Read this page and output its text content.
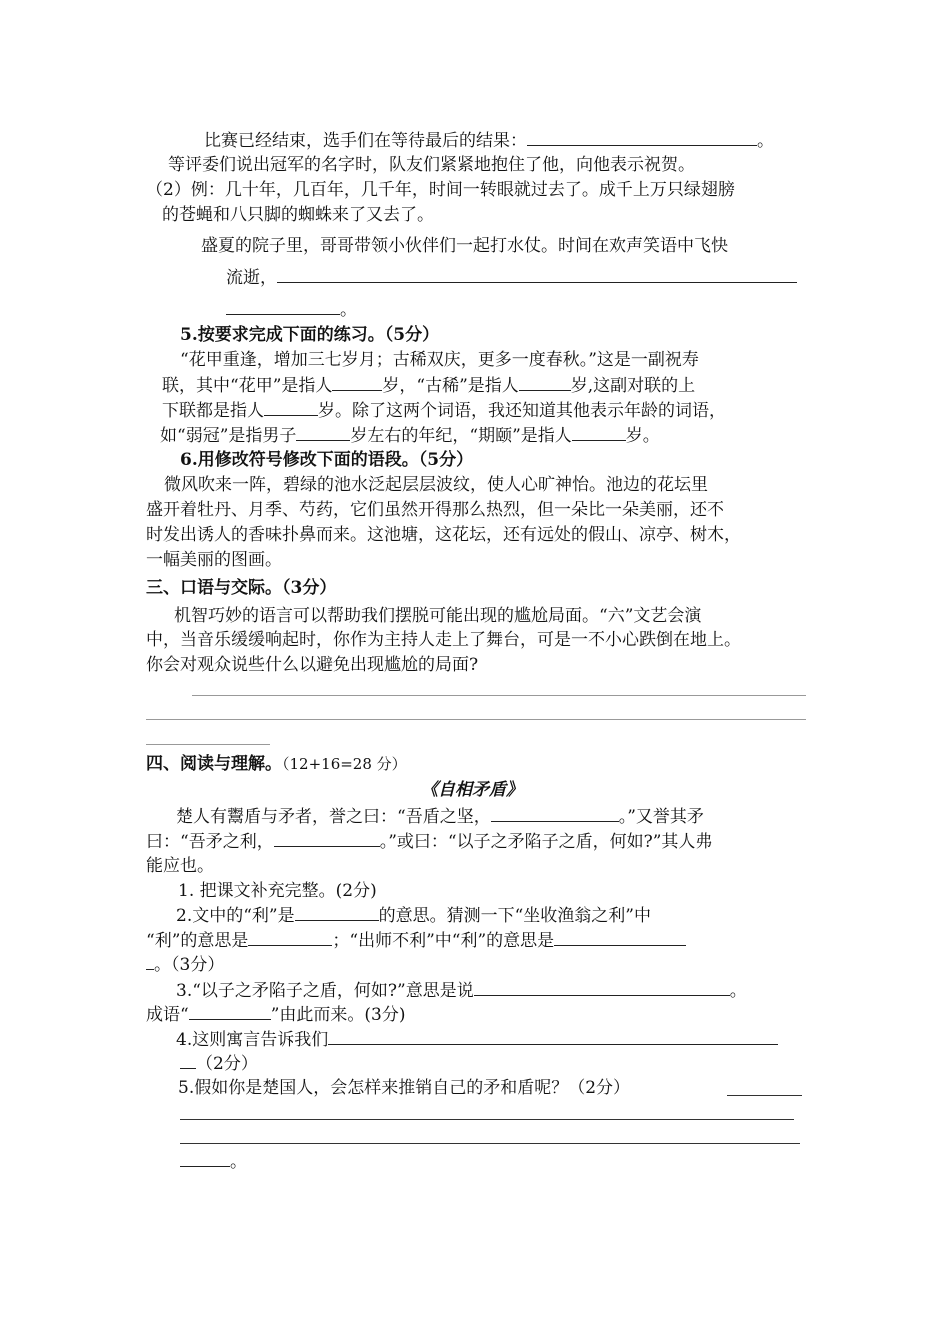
比赛已经结束，选手们在等待最后的结果：	。
等评委们说出冠军的名字时，队友们紧紧地抱住了他，向他表示祝贺。
（2）例：几十年，几百年，几千年，时间一转眼就过去了。成千上万只绿翅膀
的苍蝇和八只脚的蜘蛛来了又去了。
盛夏的院子里，哥哥带领小伙伴们一起打水仗。时间在欢声笑语中飞快
流逝，
。
5.按要求完成下面的练习。（5分）
“花甲重逢，增加三七岁月；古稀双庆，更多一度春秋。”这是一副祝寿
联，其中“花甲”是指人	岁，“古稀”是指人	岁,这副对联的上
下联都是指人	岁。除了这两个词语，我还知道其他表示年龄的词语，
如“弱冠”是指男子	岁左右的年纪，“期颐”是指人	岁。
6.用修改符号修改下面的语段。（5分）
微风吹来一阵，碧绿的池水泛起层层波纹，使人心旷神怡。池边的花坛里
盛开着牡丹、月季、芍药，它们虽然开得那么热烈，但一朵比一朵美丽，还不
时发出诱人的香味扑鼻而来。这池塘，这花坛，还有远处的假山、凉亭、树木，
一幅美丽的图画。
三、口语与交际。（3分）
机智巧妙的语言可以帮助我们摆脱可能出现的尴尬局面。“六”文艺会演
中，当音乐缓缓响起时，你作为主持人走上了舞台，可是一不小心跌倒在地上。
你会对观众说些什么以避免出现尴尬的局面?
四、阅读与理解。（12+16=28 分）
《自相矛盾》
楚人有鬻盾与矛者，誉之曰：“吾盾之坚，	。”又誉其矛
曰：“吾矛之利，	。”或曰：“以子之矛陷子之盾，何如?”其人弗
能应也。
1. 把课文补充完整。(2分)
2.文中的“利”是	的意思。猜测一下“坐收渔翁之利”中
“利”的意思是	；“出师不利”中“利”的意思是
。（3分）
3.“以子之矛陷子之盾，何如?”意思是说	。
成语“	”由此而来。(3分)
4.这则寓言告诉我们
（2分）
5.假如你是楚国人，会怎样来推销自己的矛和盾呢？（2分）
。
